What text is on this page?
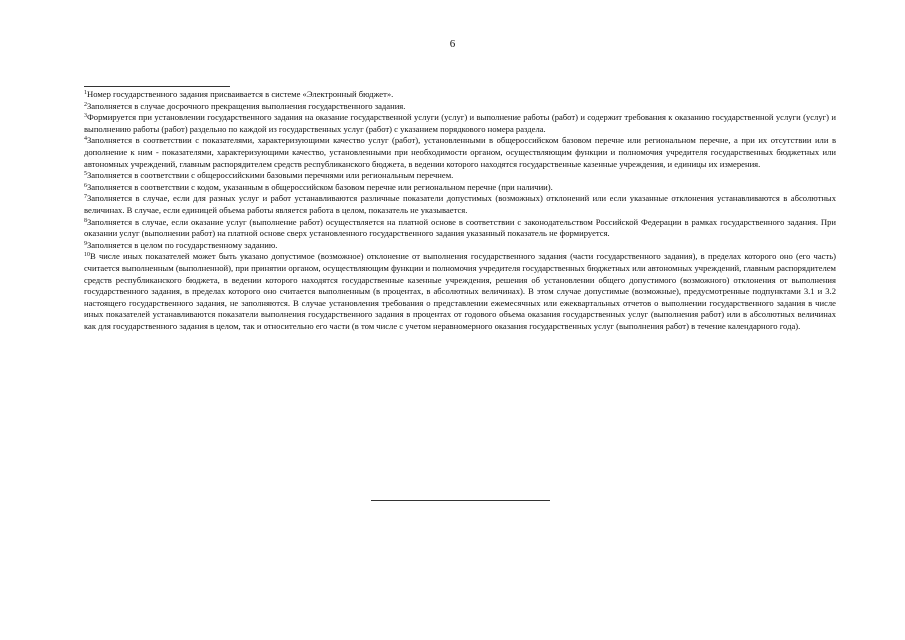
6

$^1$Номер государственного задания присваивается в системе «Электронный бюджет».

$^2$Заполняется в случае досрочного прекращения выполнения государственного задания.

$^3$Формируется при установлении государственного задания на оказание государственной услуги (услуг) и выполнение работы (работ) и содержит требования к оказанию государственной услуги (услуг) и выполнению работы (работ) раздельно по каждой из государственных услуг (работ) с указанием порядкового номера раздела.

$^4$Заполняется в соответствии с показателями, характеризующими качество услуг (работ), установленными в общероссийском базовом перечне или региональном перечне, а при их отсутствии или в дополнение к ним - показателями, характеризующими качество, установленными при необходимости органом, осуществляющим функции и полномочия учредителя государственных бюджетных или автономных учреждений, главным распорядителем средств республиканского бюджета, в ведении которого находятся государственные казенные учреждения, и единицы их измерения.

$^5$Заполняется в соответствии с общероссийскими базовыми перечнями или региональным перечнем.

$^6$Заполняется в соответствии с кодом, указанным в общероссийском базовом перечне или региональном перечне (при наличии).

$^7$Заполняется в случае, если для разных услуг и работ устанавливаются различные показатели допустимых (возможных) отклонений или если указанные отклонения устанавливаются в абсолютных величинах. В случае, если единицей объема работы является работа в целом, показатель не указывается.

$^8$Заполняется в случае, если оказание услуг (выполнение работ) осуществляется на платной основе в соответствии с законодательством Российской Федерации в рамках государственного задания. При оказании услуг (выполнении работ) на платной основе сверх установленного государственного задания указанный показатель не формируется.

$^9$Заполняется в целом по государственному заданию.

$^{10}$В числе иных показателей может быть указано допустимое (возможное) отклонение от выполнения государственного задания (части государственного задания), в пределах которого оно (его часть) считается выполненным (выполненной), при принятии органом, осуществляющим функции и полномочия учредителя государственных бюджетных или автономных учреждений, главным распорядителем средств республиканского бюджета, в ведении которого находятся государственные казенные учреждения, решения об установлении общего допустимого (возможного) отклонения от выполнения государственного задания, в пределах которого оно считается выполненным (в процентах, в абсолютных величинах). В этом случае допустимые (возможные), предусмотренные подпунктами 3.1 и 3.2 настоящего государственного задания, не заполняются. В случае установления требования о представлении ежемесячных или ежеквартальных отчетов о выполнении государственного задания в числе иных показателей устанавливаются показатели выполнения государственного задания в процентах от годового объема оказания государственных услуг (выполнения работ) или в абсолютных величинах как для государственного задания в целом, так и относительно его части (в том числе с учетом неравномерного оказания государственных услуг (выполнения работ) в течение календарного года).
